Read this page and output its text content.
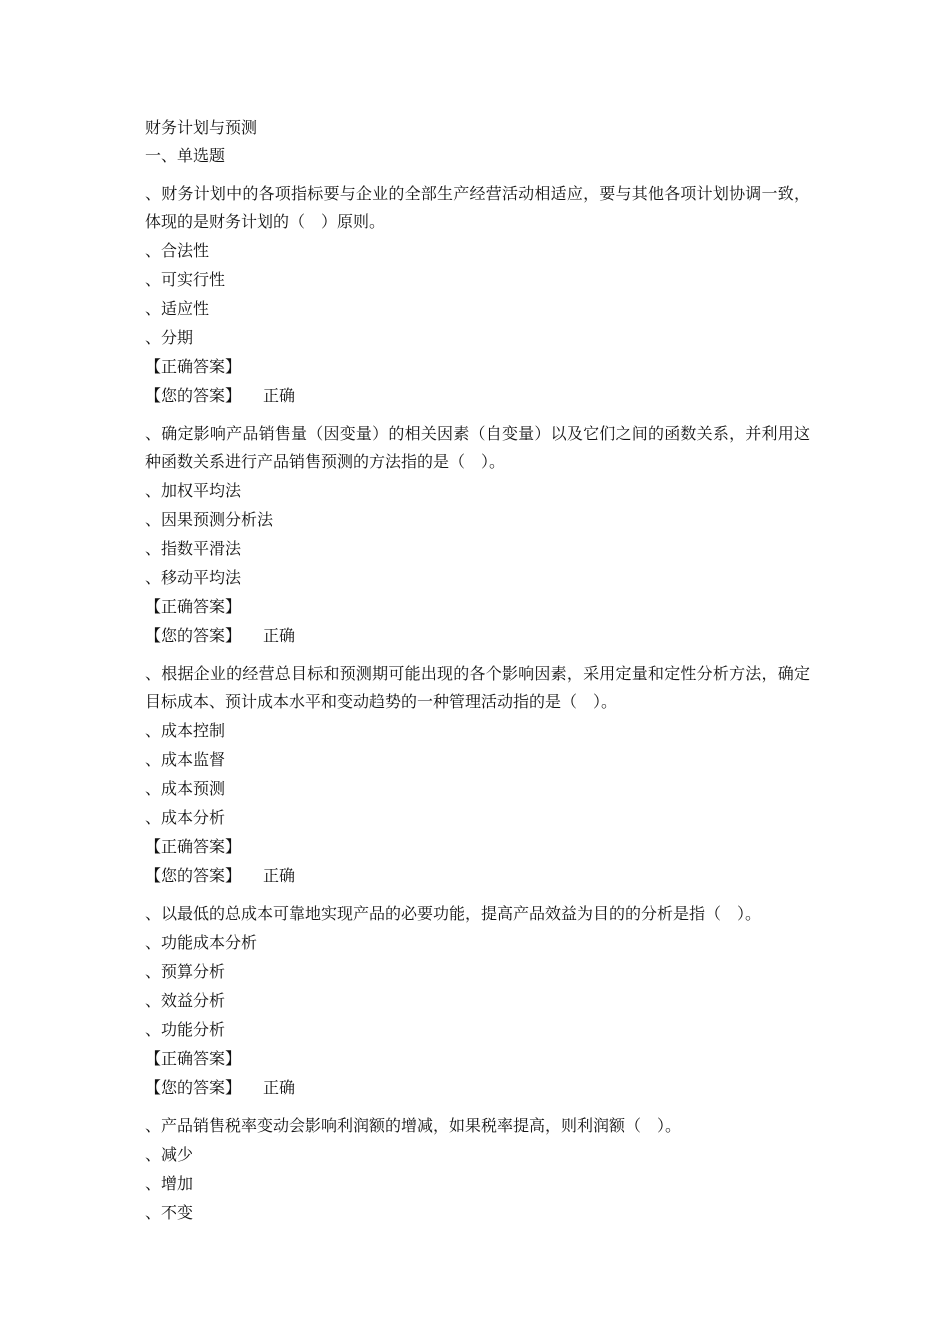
财务计划与预测
一、单选题
、财务计划中的各项指标要与企业的全部生产经营活动相适应，要与其他各项计划协调一致，体现的是财务计划的（　）原则。
、合法性
、可实行性
、适应性
、分期
【正确答案】
【您的答案】 正确
、确定影响产品销售量（因变量）的相关因素（自变量）以及它们之间的函数关系，并利用这种函数关系进行产品销售预测的方法指的是（　）。
、加权平均法
、因果预测分析法
、指数平滑法
、移动平均法
【正确答案】
【您的答案】 正确
、根据企业的经营总目标和预测期可能出现的各个影响因素，采用定量和定性分析方法，确定目标成本、预计成本水平和变动趋势的一种管理活动指的是（　）。
、成本控制
、成本监督
、成本预测
、成本分析
【正确答案】
【您的答案】 正确
、以最低的总成本可靠地实现产品的必要功能，提高产品效益为目的的分析是指（　）。
、功能成本分析
、预算分析
、效益分析
、功能分析
【正确答案】
【您的答案】 正确
、产品销售税率变动会影响利润额的增减，如果税率提高，则利润额（　）。
、减少
、增加
、不变
